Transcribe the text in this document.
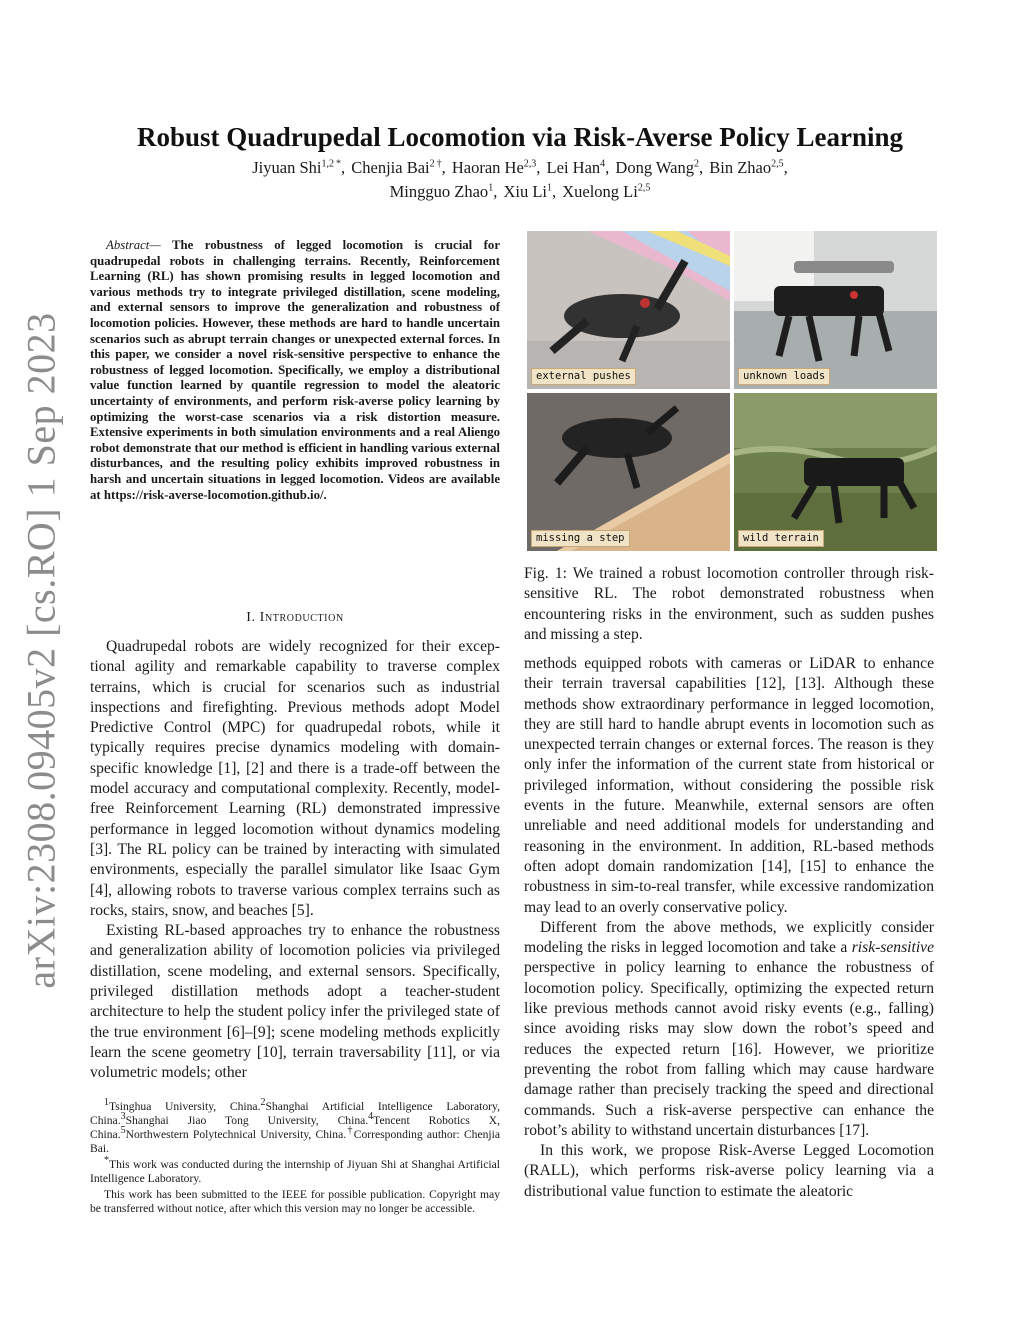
arXiv:2308.09405v2 [cs.RO] 1 Sep 2023
Robust Quadrupedal Locomotion via Risk-Averse Policy Learning
Jiyuan Shi$^{1,2 *}$, Chenjia Bai$^{2 \dagger}$, Haoran He$^{2,3}$, Lei Han$^4$, Dong Wang$^2$, Bin Zhao$^{2,5}$,
Mingguo Zhao$^1$, Xiu Li$^1$, Xuelong Li$^{2,5}$
Abstract— The robustness of legged locomotion is crucial for quadrupedal robots in challenging terrains. Recently, Reinforcement Learning (RL) has shown promising results in legged locomotion and various methods try to integrate privileged distillation, scene modeling, and external sensors to improve the generalization and robustness of locomotion policies. However, these methods are hard to handle uncertain scenarios such as abrupt terrain changes or unexpected external forces. In this paper, we consider a novel risk-sensitive perspective to enhance the robustness of legged locomotion. Specifically, we employ a distributional value function learned by quantile regression to model the aleatoric uncertainty of environments, and perform risk-averse policy learning by optimizing the worst-case scenarios via a risk distortion measure. Extensive experiments in both simulation environments and a real Aliengo robot demonstrate that our method is efficient in handling various external disturbances, and the resulting policy exhibits improved robustness in harsh and uncertain situations in legged locomotion. Videos are available at https://risk-averse-locomotion.github.io/.
I. Introduction

Quadrupedal robots are widely recognized for their exceptional agility and remarkable capability to traverse complex terrains, which is crucial for scenarios such as industrial inspections and firefighting. Previous methods adopt Model Predictive Control (MPC) for quadrupedal robots, while it typically requires precise dynamics modeling with domain-specific knowledge [1], [2] and there is a trade-off between the model accuracy and computational complexity. Recently, model-free Reinforcement Learning (RL) demonstrated impressive performance in legged locomotion without dynamics modeling [3]. The RL policy can be trained by interacting with simulated environments, especially the parallel simulator like Isaac Gym [4], allowing robots to traverse various complex terrains such as rocks, stairs, snow, and beaches [5].

Existing RL-based approaches try to enhance the robustness and generalization ability of locomotion policies via privileged distillation, scene modeling, and external sensors. Specifically, privileged distillation methods adopt a teacher-student architecture to help the student policy infer the privileged state of the true environment [6]–[9]; scene modeling methods explicitly learn the scene geometry [10], terrain traversability [11], or via volumetric models; other

$^1$Tsinghua University, China.$^2$Shanghai Artificial Intelligence Laboratory, China.$^3$Shanghai Jiao Tong University, China.$^4$Tencent Robotics X, China.$^5$Northwestern Polytechnical University, China.†Corresponding author: Chenjia Bai.

*This work was conducted during the internship of Jiyuan Shi at Shanghai Artificial Intelligence Laboratory.

This work has been submitted to the IEEE for possible publication. Copyright may be transferred without notice, after which this version may no longer be accessible.

external pushes	unknown loads
missing a step	wild terrain
Fig. 1: We trained a robust locomotion controller through risk-sensitive RL. The robot demonstrated robustness when encountering risks in the environment, such as sudden pushes and missing a step.

methods equipped robots with cameras or LiDAR to enhance their terrain traversal capabilities [12], [13]. Although these methods show extraordinary performance in legged locomotion, they are still hard to handle abrupt events in locomotion such as unexpected terrain changes or external forces. The reason is they only infer the information of the current state from historical or privileged information, without considering the possible risk events in the future. Meanwhile, external sensors are often unreliable and need additional models for understanding and reasoning in the environment. In addition, RL-based methods often adopt domain randomization [14], [15] to enhance the robustness in sim-to-real transfer, while excessive randomization may lead to an overly conservative policy.

Different from the above methods, we explicitly consider modeling the risks in legged locomotion and take a risk-sensitive perspective in policy learning to enhance the robustness of locomotion policy. Specifically, optimizing the expected return like previous methods cannot avoid risky events (e.g., falling) since avoiding risks may slow down the robot’s speed and reduces the expected return [16]. However, we prioritize preventing the robot from falling which may cause hardware damage rather than precisely tracking the speed and directional commands. Such a risk-averse perspective can enhance the robot’s ability to withstand uncertain disturbances [17].

In this work, we propose Risk-Averse Legged Locomotion (RALL), which performs risk-averse policy learning via a distributional value function to estimate the aleatoric
